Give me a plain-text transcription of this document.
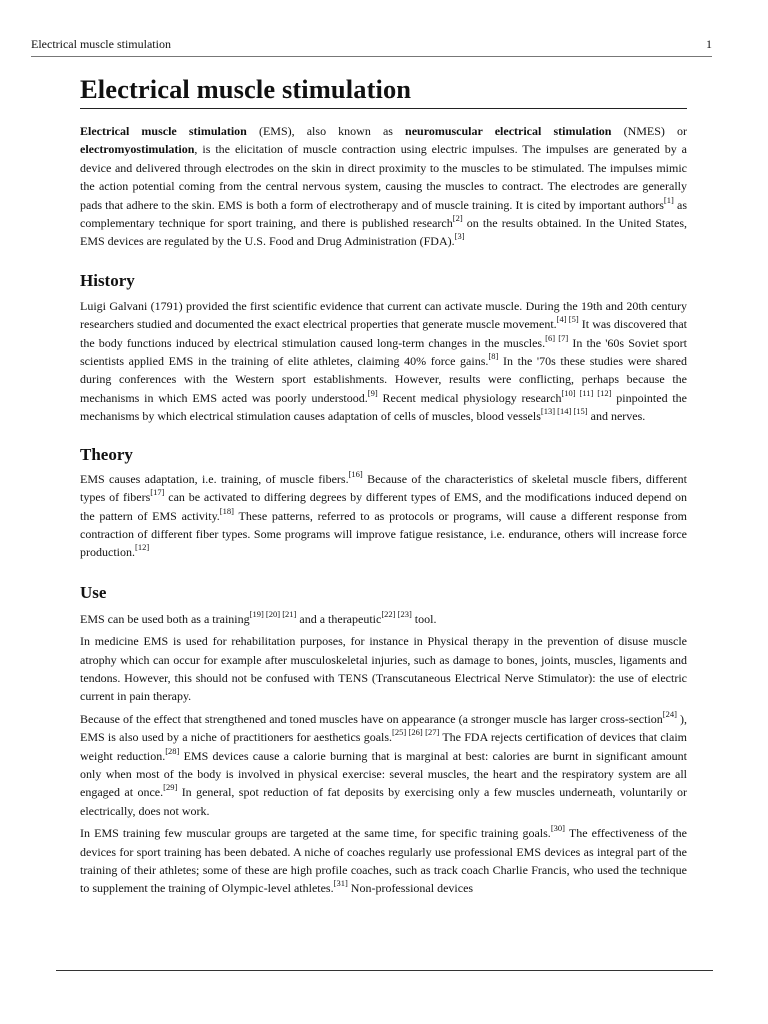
Electrical muscle stimulation	1
Electrical muscle stimulation

Electrical muscle stimulation (EMS), also known as neuromuscular electrical stimulation (NMES) or electromyostimulation, is the elicitation of muscle contraction using electric impulses. The impulses are generated by a device and delivered through electrodes on the skin in direct proximity to the muscles to be stimulated. The impulses mimic the action potential coming from the central nervous system, causing the muscles to contract. The electrodes are generally pads that adhere to the skin. EMS is both a form of electrotherapy and of muscle training. It is cited by important authors[1] as complementary technique for sport training, and there is published research[2] on the results obtained. In the United States, EMS devices are regulated by the U.S. Food and Drug Administration (FDA).[3]

History

Luigi Galvani (1791) provided the first scientific evidence that current can activate muscle. During the 19th and 20th century researchers studied and documented the exact electrical properties that generate muscle movement.[4] [5] It was discovered that the body functions induced by electrical stimulation caused long-term changes in the muscles.[6] [7] In the '60s Soviet sport scientists applied EMS in the training of elite athletes, claiming 40% force gains.[8] In the '70s these studies were shared during conferences with the Western sport establishments. However, results were conflicting, perhaps because the mechanisms in which EMS acted was poorly understood.[9] Recent medical physiology research[10] [11] [12] pinpointed the mechanisms by which electrical stimulation causes adaptation of cells of muscles, blood vessels[13] [14] [15] and nerves.

Theory

EMS causes adaptation, i.e. training, of muscle fibers.[16] Because of the characteristics of skeletal muscle fibers, different types of fibers[17] can be activated to differing degrees by different types of EMS, and the modifications induced depend on the pattern of EMS activity.[18] These patterns, referred to as protocols or programs, will cause a different response from contraction of different fiber types. Some programs will improve fatigue resistance, i.e. endurance, others will increase force production.[12]

Use

EMS can be used both as a training[19] [20] [21] and a therapeutic[22] [23] tool.

In medicine EMS is used for rehabilitation purposes, for instance in Physical therapy in the prevention of disuse muscle atrophy which can occur for example after musculoskeletal injuries, such as damage to bones, joints, muscles, ligaments and tendons. However, this should not be confused with TENS (Transcutaneous Electrical Nerve Stimulator): the use of electric current in pain therapy.

Because of the effect that strengthened and toned muscles have on appearance (a stronger muscle has larger cross-section[24] ), EMS is also used by a niche of practitioners for aesthetics goals.[25] [26] [27] The FDA rejects certification of devices that claim weight reduction.[28] EMS devices cause a calorie burning that is marginal at best: calories are burnt in significant amount only when most of the body is involved in physical exercise: several muscles, the heart and the respiratory system are all engaged at once.[29] In general, spot reduction of fat deposits by exercising only a few muscles underneath, voluntarily or electrically, does not work.

In EMS training few muscular groups are targeted at the same time, for specific training goals.[30] The effectiveness of the devices for sport training has been debated. A niche of coaches regularly use professional EMS devices as integral part of the training of their athletes; some of these are high profile coaches, such as track coach Charlie Francis, who used the technique to supplement the training of Olympic-level athletes.[31] Non-professional devices
